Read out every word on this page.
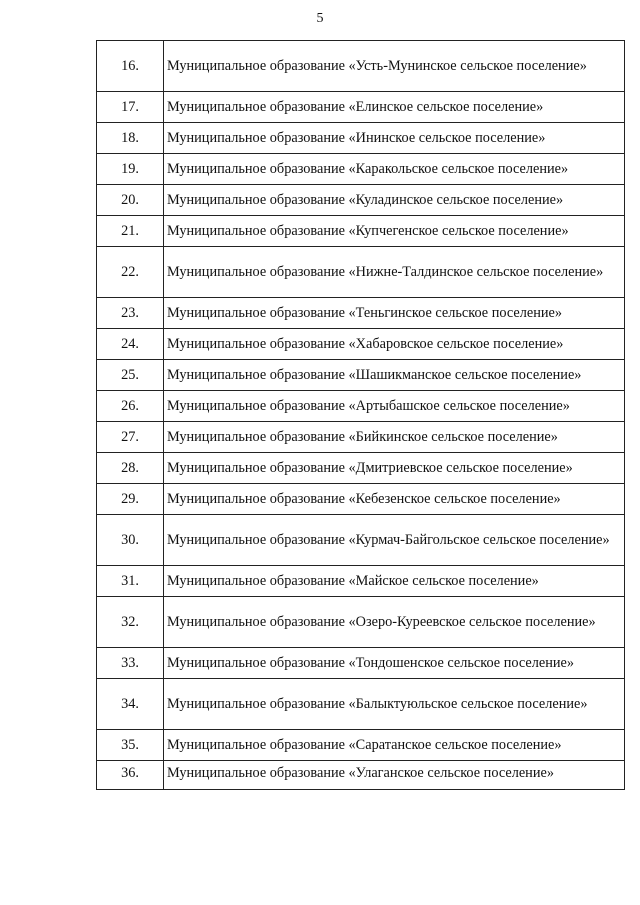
5
16.	Муниципальное образование «Усть-Мунинское сельское поселение»
17.	Муниципальное образование «Елинское сельское поселение»
18.	Муниципальное образование «Ининское сельское поселение»
19.	Муниципальное образование «Каракольское сельское поселение»
20.	Муниципальное образование «Куладинское сельское поселение»
21.	Муниципальное образование «Купчегенское сельское поселение»
22.	Муниципальное образование «Нижне-Талдинское сельское поселение»
23.	Муниципальное образование «Теньгинское сельское поселение»
24.	Муниципальное образование «Хабаровское сельское поселение»
25.	Муниципальное образование «Шашикманское сельское поселение»
26.	Муниципальное образование «Артыбашское сельское поселение»
27.	Муниципальное образование «Бийкинское сельское поселение»
28.	Муниципальное образование «Дмитриевское сельское поселение»
29.	Муниципальное образование «Кебезенское сельское поселение»
30.	Муниципальное образование «Курмач-Байгольское сельское поселение»
31.	Муниципальное образование «Майское сельское поселение»
32.	Муниципальное образование «Озеро-Куреевское сельское поселение»
33.	Муниципальное образование «Тондошенское сельское поселение»
34.	Муниципальное образование «Балыктуюльское сельское поселение»
35.	Муниципальное образование «Саратанское сельское поселение»
36.	Муниципальное образование «Улаганское сельское поселение»
